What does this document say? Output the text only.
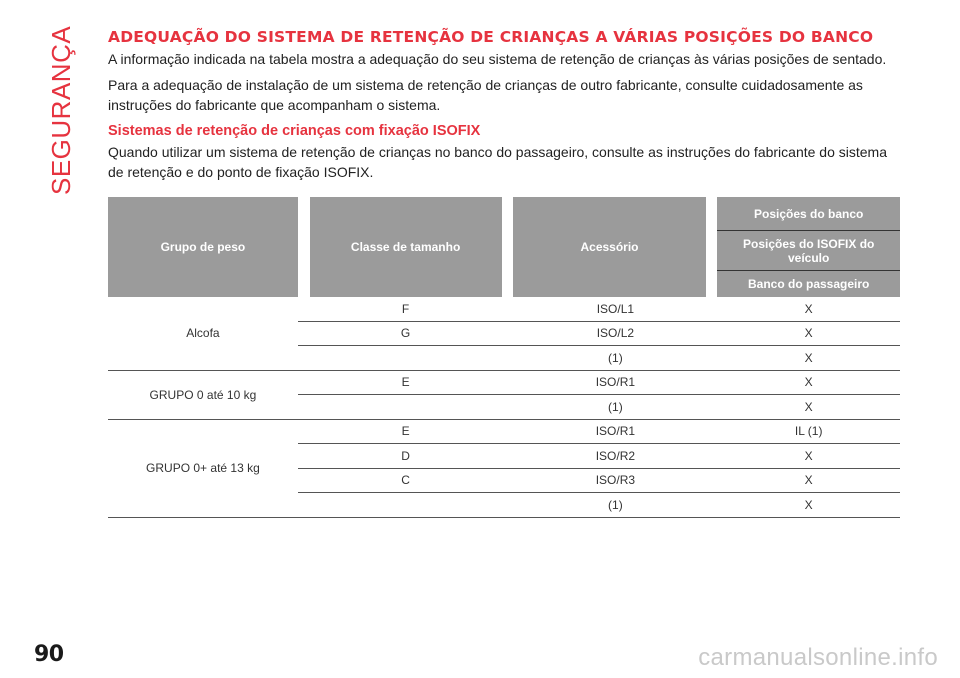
SEGURANÇA ADEQUAÇÃO DO SISTEMA DE RETENÇÃO DE CRIANÇAS A VÁRIAS POSIÇÕES DO BANCO

A informação indicada na tabela mostra a adequação do seu sistema de retenção de crianças às várias posições de sentado.

Para a adequação de instalação de um sistema de retenção de crianças de outro fabricante, consulte cuidadosamente as instruções do fabricante que acompanham o sistema.

Sistemas de retenção de crianças com fixação ISOFIX

Quando utilizar um sistema de retenção de crianças no banco do passageiro, consulte as instruções do fabricante do sistema de retenção e do ponto de fixação ISOFIX.

Grupo de peso		Classe de tamanho		Acessório		Posições do banco
						Posições do ISOFIX do veículo
						Banco do passageiro
Alcofa	F			ISO/L1		X
	G			ISO/L2		X
				(1)		X
GRUPO 0 até 10 kg	E			ISO/R1		X
				(1)		X
GRUPO 0+ até 13 kg	E			ISO/R1		IL (1)
	D			ISO/R2		X
	C			ISO/R3		X
				(1)		X
90	carmanualsonline.info
